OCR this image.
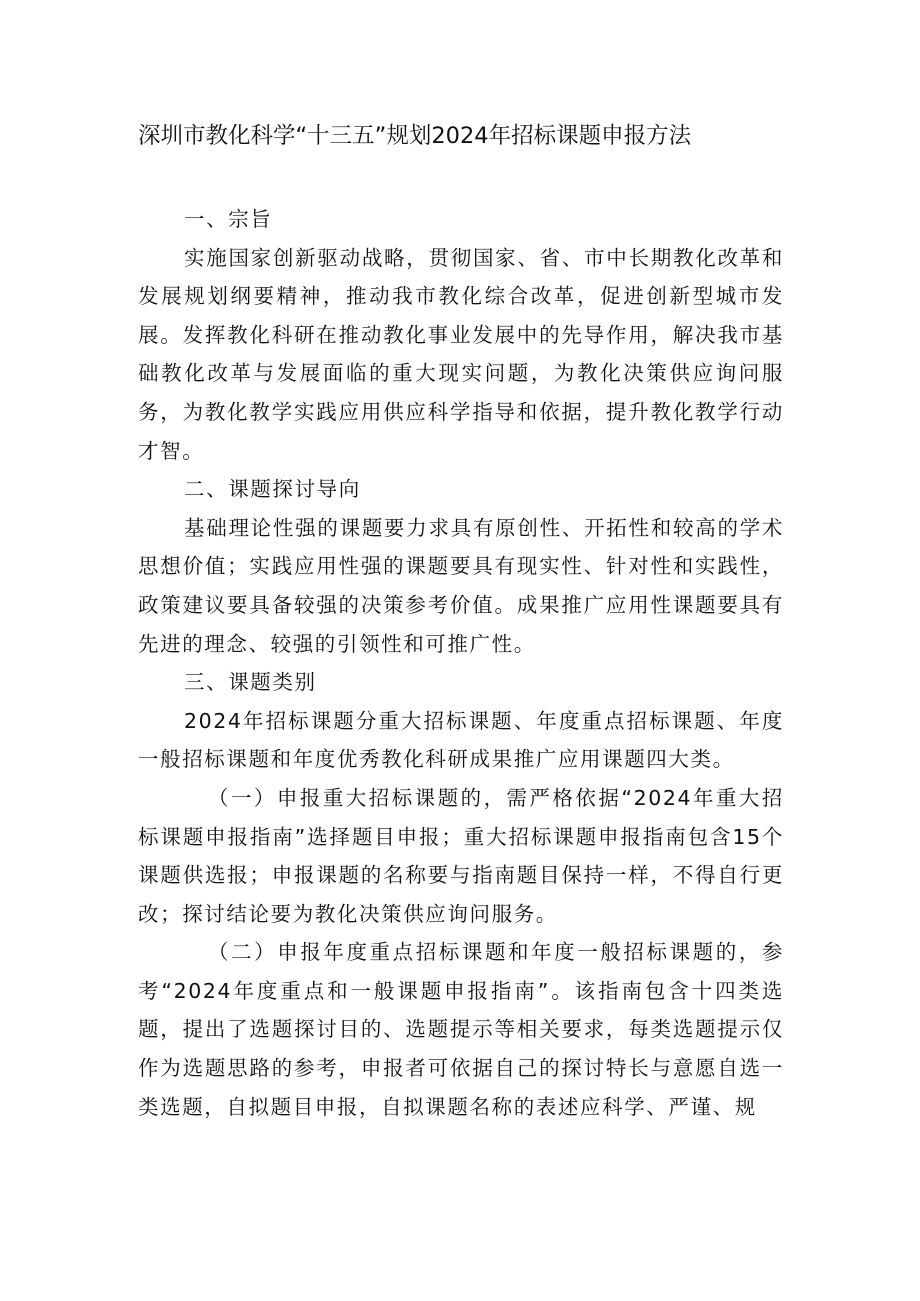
深圳市教化科学“十三五”规划2024年招标课题申报方法

一、宗旨

实施国家创新驱动战略，贯彻国家、省、市中长期教化改革和发展规划纲要精神，推动我市教化综合改革，促进创新型城市发展。发挥教化科研在推动教化事业发展中的先导作用，解决我市基础教化改革与发展面临的重大现实问题，为教化决策供应询问服务，为教化教学实践应用供应科学指导和依据，提升教化教学行动才智。

二、课题探讨导向

基础理论性强的课题要力求具有原创性、开拓性和较高的学术思想价值；实践应用性强的课题要具有现实性、针对性和实践性，政策建议要具备较强的决策参考价值。成果推广应用性课题要具有先进的理念、较强的引领性和可推广性。

三、课题类别

2024年招标课题分重大招标课题、年度重点招标课题、年度一般招标课题和年度优秀教化科研成果推广应用课题四大类。

（一）申报重大招标课题的，需严格依据“2024年重大招标课题申报指南”选择题目申报；重大招标课题申报指南包含15个课题供选报；申报课题的名称要与指南题目保持一样，不得自行更改；探讨结论要为教化决策供应询问服务。

（二）申报年度重点招标课题和年度一般招标课题的，参考“2024年度重点和一般课题申报指南”。该指南包含十四类选题，提出了选题探讨目的、选题提示等相关要求，每类选题提示仅作为选题思路的参考，申报者可依据自己的探讨特长与意愿自选一类选题，自拟题目申报，自拟课题名称的表述应科学、严谨、规
